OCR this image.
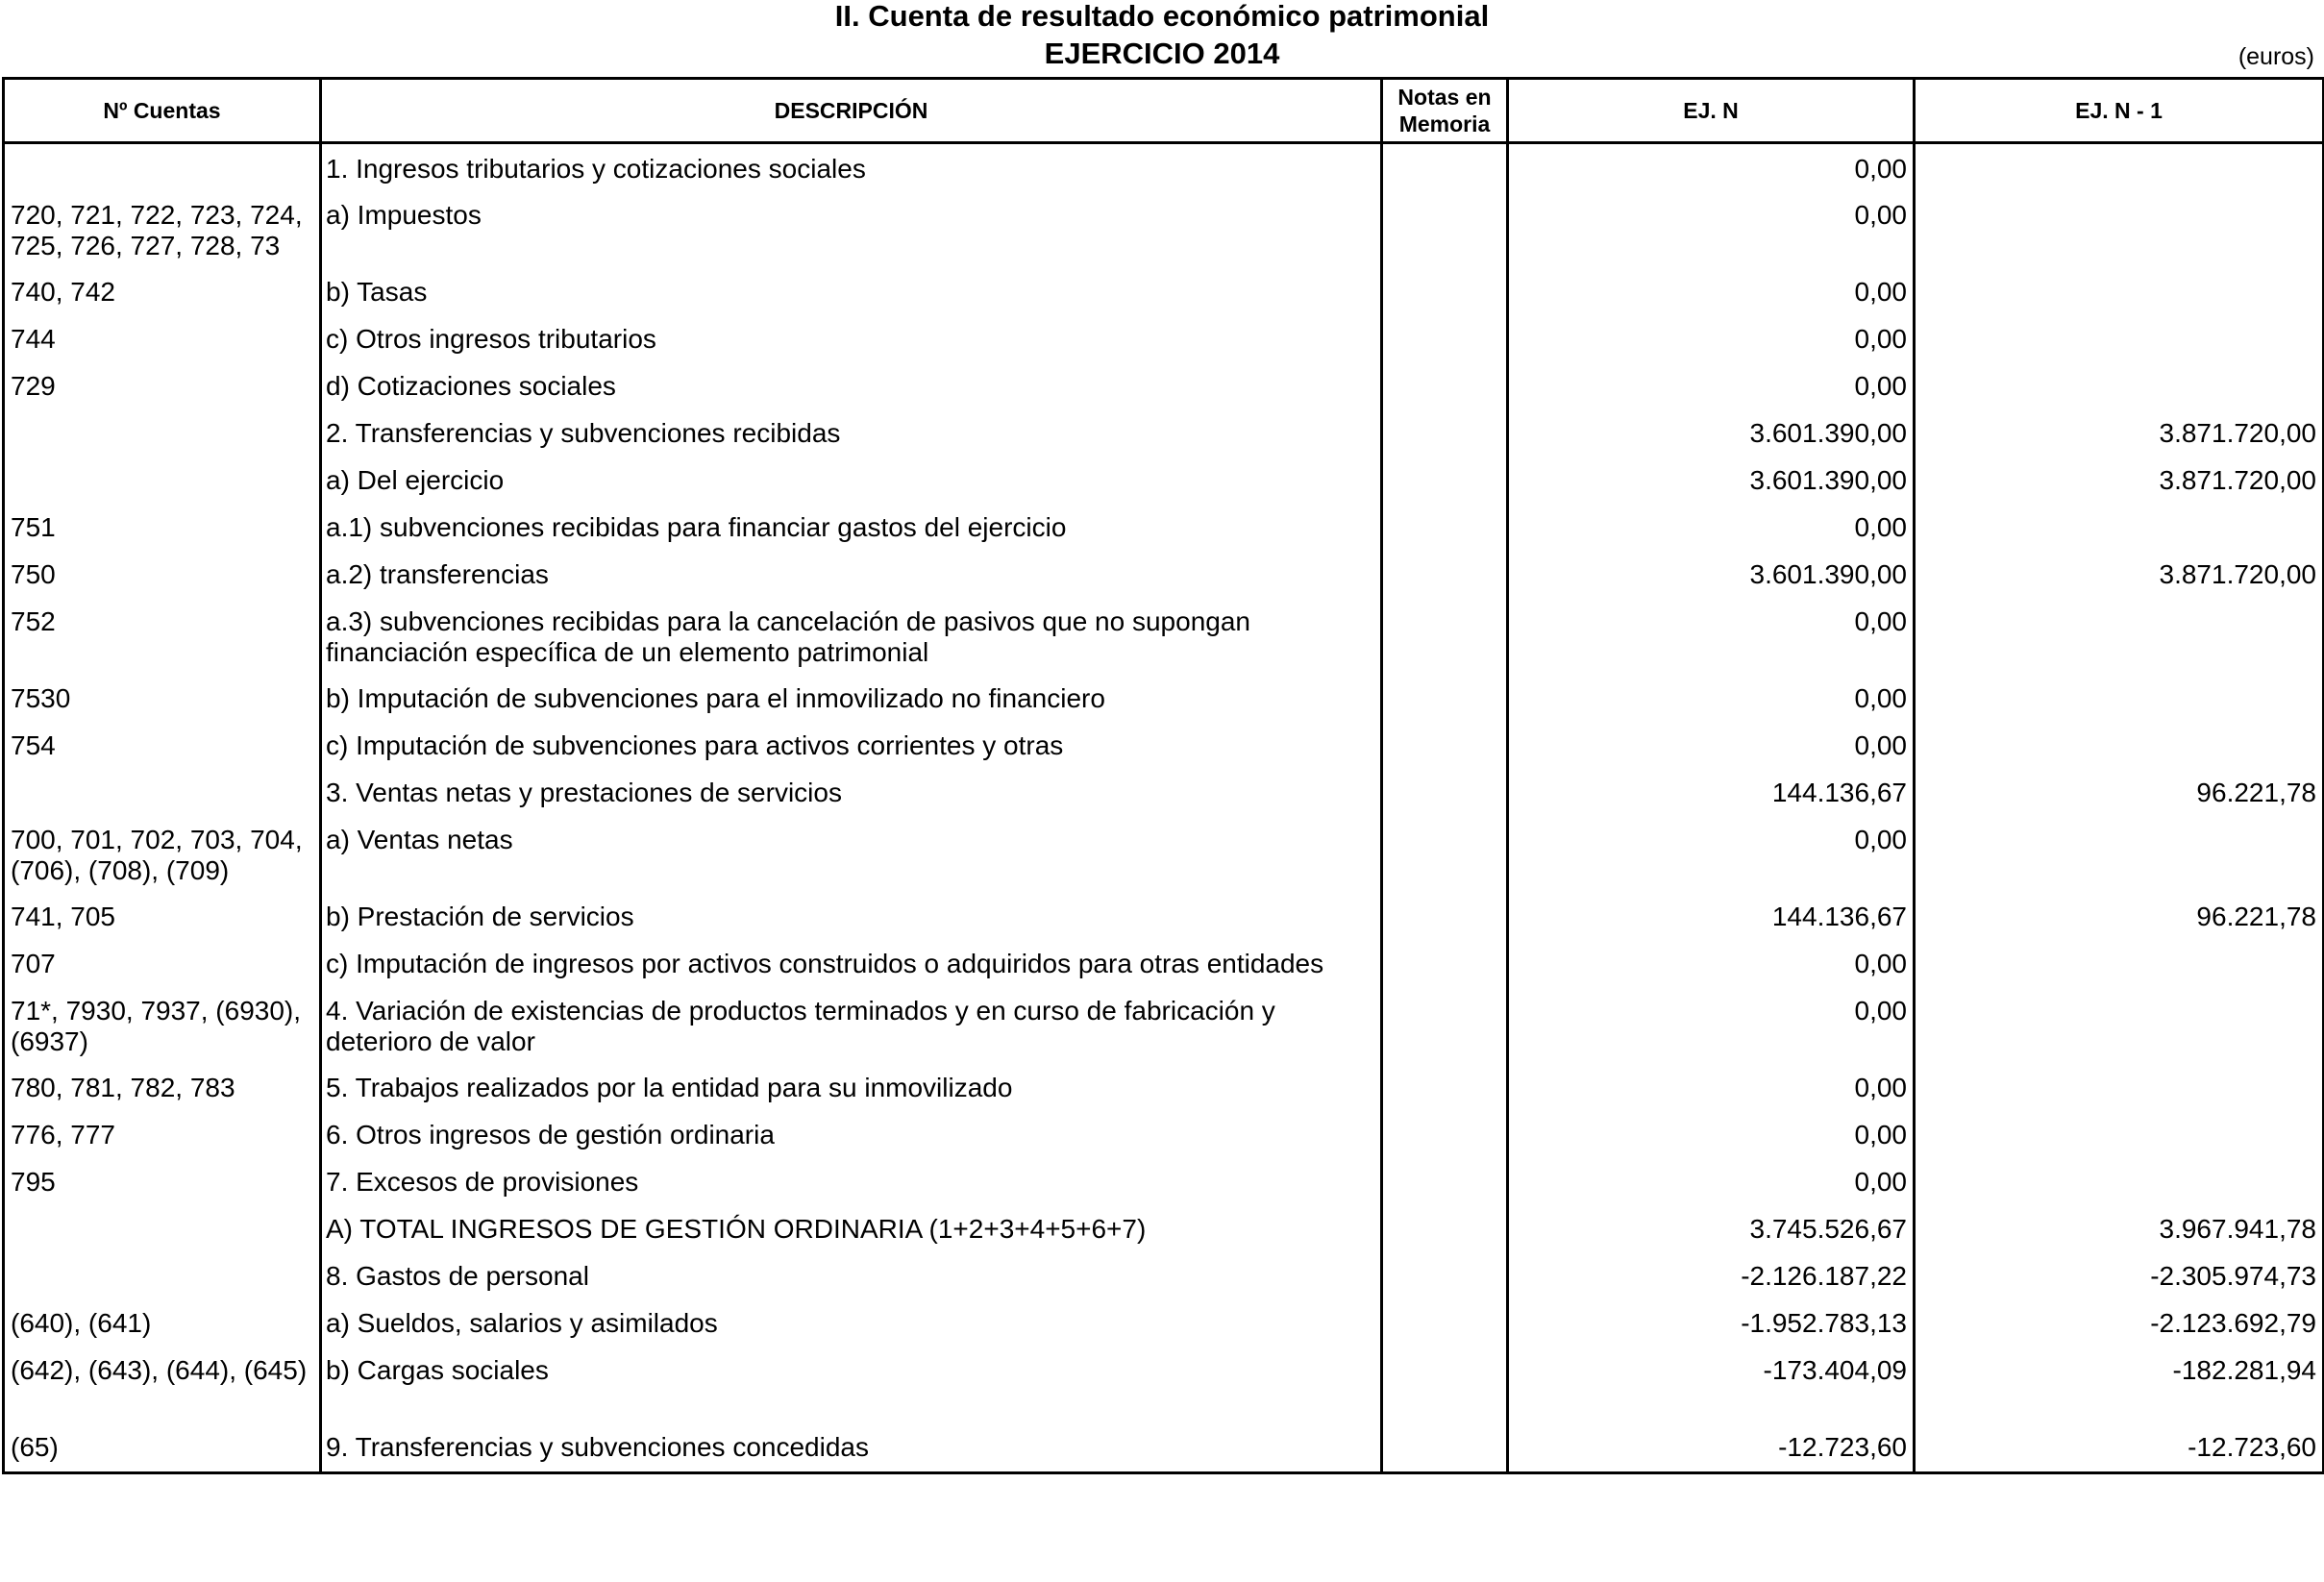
II. Cuenta de resultado económico patrimonial
EJERCICIO 2014	(euros)
Nº Cuentas	DESCRIPCIÓN	Notas en Memoria	EJ. N	EJ. N - 1
	1. Ingresos tributarios y cotizaciones sociales		0,00	
720, 721, 722, 723, 724, 725, 726, 727, 728, 73	a) Impuestos		0,00	
740, 742	b) Tasas		0,00	
744	c) Otros ingresos tributarios		0,00	
729	d) Cotizaciones sociales		0,00	
	2. Transferencias y subvenciones recibidas		3.601.390,00	3.871.720,00
	a) Del ejercicio		3.601.390,00	3.871.720,00
751	a.1) subvenciones recibidas para financiar gastos del ejercicio		0,00	
750	a.2) transferencias		3.601.390,00	3.871.720,00
752	a.3) subvenciones recibidas para la cancelación de pasivos que no supongan financiación específica de un elemento patrimonial		0,00	
7530	b) Imputación de subvenciones para el inmovilizado no financiero		0,00	
754	c) Imputación de subvenciones para activos corrientes y otras		0,00	
	3. Ventas netas y prestaciones de servicios		144.136,67	96.221,78
700, 701, 702, 703, 704, (706), (708), (709)	a) Ventas netas		0,00	
741, 705	b) Prestación de servicios		144.136,67	96.221,78
707	c) Imputación de ingresos por activos construidos o adquiridos para otras entidades		0,00	
71*, 7930, 7937, (6930), (6937)	4. Variación de existencias de productos terminados y en curso de fabricación y deterioro de valor		0,00	
780, 781, 782, 783	5. Trabajos realizados por la entidad para su inmovilizado		0,00	
776, 777	6. Otros ingresos de gestión ordinaria		0,00	
795	7. Excesos de provisiones		0,00	
	A) TOTAL INGRESOS DE GESTIÓN ORDINARIA (1+2+3+4+5+6+7)		3.745.526,67	3.967.941,78
	8. Gastos de personal		-2.126.187,22	-2.305.974,73
(640), (641)	a) Sueldos, salarios y asimilados		-1.952.783,13	-2.123.692,79
(642), (643), (644), (645)	b) Cargas sociales		-173.404,09	-182.281,94
(65)	9. Transferencias y subvenciones concedidas		-12.723,60	-12.723,60
